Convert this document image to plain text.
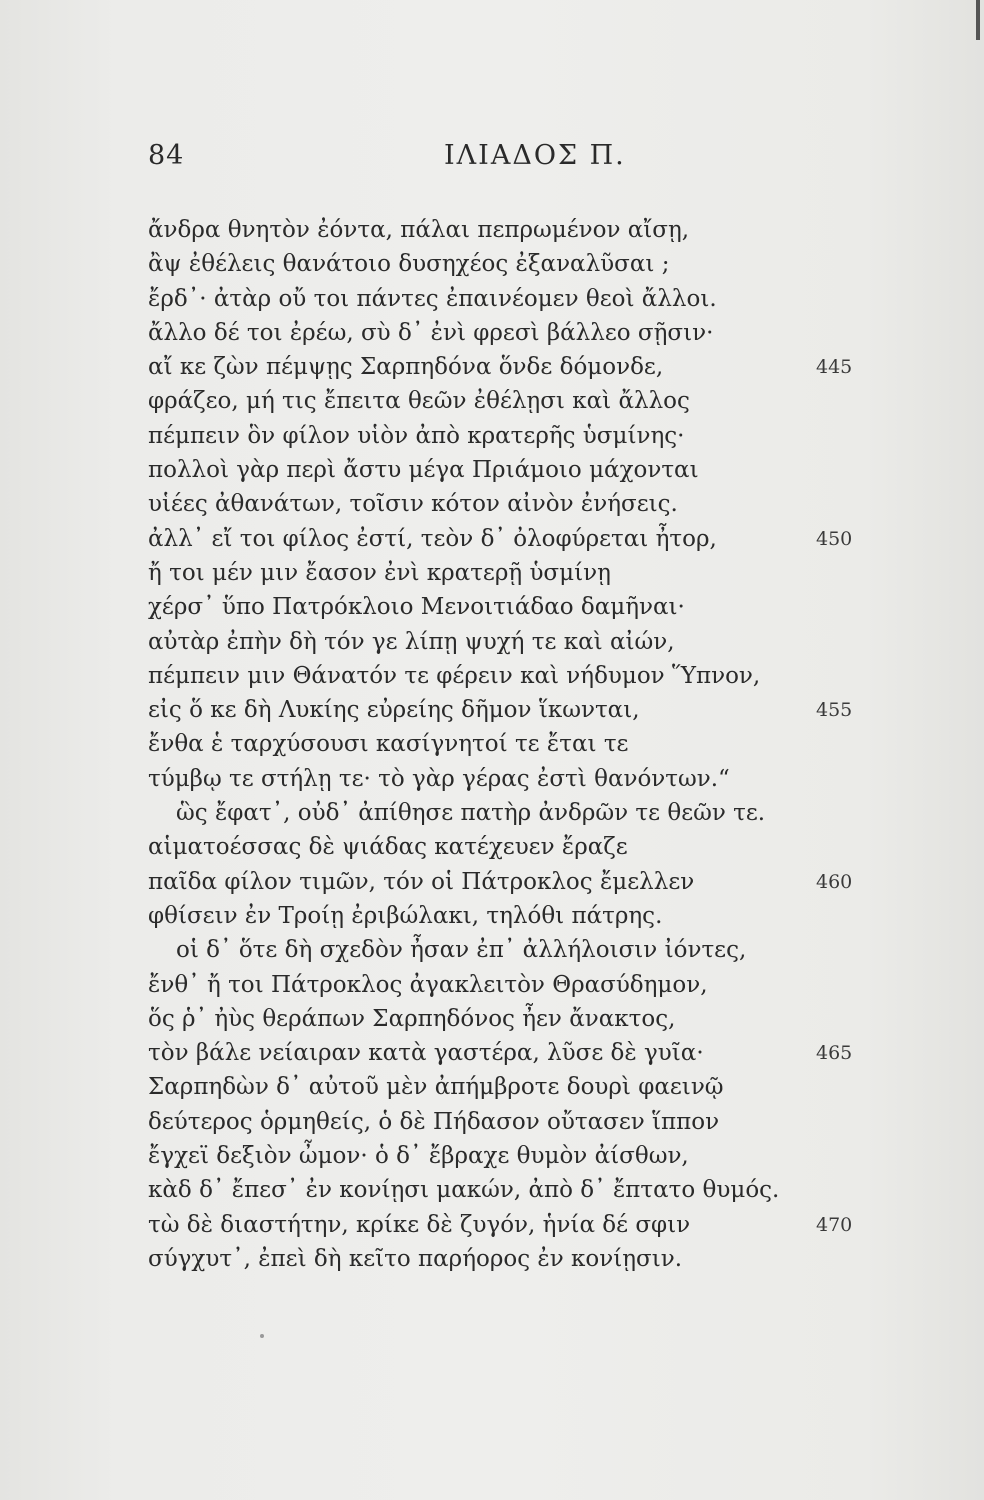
84	ΙΛΙΑΔΟΣ Π.
ἄνδρα θνητὸν ἐόντα, πάλαι πεπρωμένον αἴσῃ,
ἂψ ἐθέλεις θανάτοιο δυσηχέος ἐξαναλῦσαι ;
ἔρδ᾽· ἀτὰρ οὔ τοι πάντες ἐπαινέομεν θεοὶ ἄλλοι.
ἄλλο δέ τοι ἐρέω, σὺ δ᾽ ἐνὶ φρεσὶ βάλλεο σῇσιν·
αἴ κε ζὼν πέμψῃς Σαρπηδόνα ὅνδε δόμονδε,	445
φράζεο, μή τις ἔπειτα θεῶν ἐθέλῃσι καὶ ἄλλος
πέμπειν ὃν φίλον υἱὸν ἀπὸ κρατερῆς ὑσμίνης·
πολλοὶ γὰρ περὶ ἄστυ μέγα Πριάμοιο μάχονται
υἱέες ἀθανάτων, τοῖσιν κότον αἰνὸν ἐνήσεις.
ἀλλ᾽ εἴ τοι φίλος ἐστί, τεὸν δ᾽ ὀλοφύρεται ἦτορ,	450
ἤ τοι μέν μιν ἔασον ἐνὶ κρατερῇ ὑσμίνῃ
χέρσ᾽ ὕπο Πατρόκλοιο Μενοιτιάδαο δαμῆναι·
αὐτὰρ ἐπὴν δὴ τόν γε λίπῃ ψυχή τε καὶ αἰών,
πέμπειν μιν Θάνατόν τε φέρειν καὶ νήδυμον Ὕπνον,
εἰς ὅ κε δὴ Λυκίης εὐρείης δῆμον ἵκωνται,	455
ἔνθα ἑ ταρχύσουσι κασίγνητοί τε ἔται τε
τύμβῳ τε στήλῃ τε· τὸ γὰρ γέρας ἐστὶ θανόντων.“
ὣς ἔφατ᾽, οὐδ᾽ ἀπίθησε πατὴρ ἀνδρῶν τε θεῶν τε.
αἱματοέσσας δὲ ψιάδας κατέχευεν ἔραζε
παῖδα φίλον τιμῶν, τόν οἱ Πάτροκλος ἔμελλεν	460
φθίσειν ἐν Τροίῃ ἐριβώλακι, τηλόθι πάτρης.
οἱ δ᾽ ὅτε δὴ σχεδὸν ἦσαν ἐπ᾽ ἀλλήλοισιν ἰόντες,
ἔνθ᾽ ἤ τοι Πάτροκλος ἀγακλειτὸν Θρασύδημον,
ὅς ῥ᾽ ἠὺς θεράπων Σαρπηδόνος ἦεν ἄνακτος,
τὸν βάλε νείαιραν κατὰ γαστέρα, λῦσε δὲ γυῖα·	465
Σαρπηδὼν δ᾽ αὐτοῦ μὲν ἀπήμβροτε δουρὶ φαεινῷ
δεύτερος ὁρμηθείς, ὁ δὲ Πήδασον οὔτασεν ἵππον
ἔγχεϊ δεξιὸν ὦμον· ὁ δ᾽ ἔβραχε θυμὸν ἀίσθων,
κὰδ δ᾽ ἔπεσ᾽ ἐν κονίῃσι μακών, ἀπὸ δ᾽ ἔπτατο θυμός.
τὼ δὲ διαστήτην, κρίκε δὲ ζυγόν, ἡνία δέ σφιν	470
σύγχυτ᾽, ἐπεὶ δὴ κεῖτο παρήορος ἐν κονίῃσιν.
